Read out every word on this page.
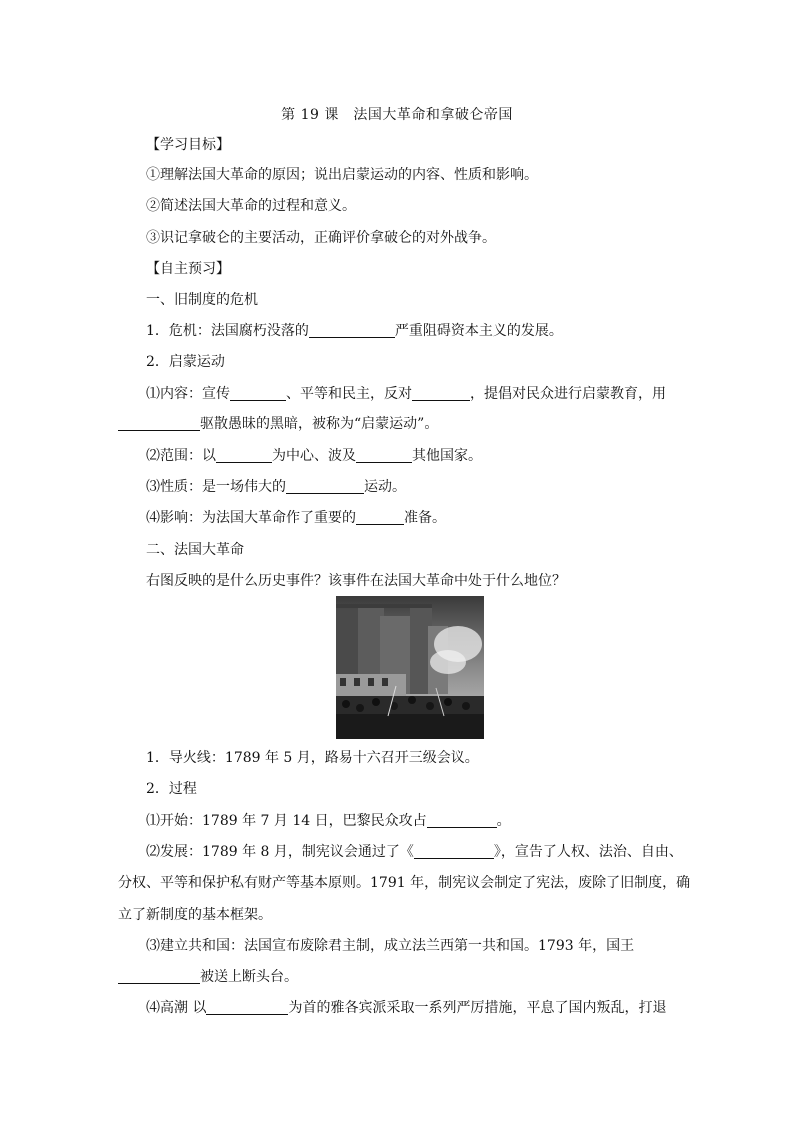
第 19 课　法国大革命和拿破仑帝国
【学习目标】
①理解法国大革命的原因；说出启蒙运动的内容、性质和影响。
②简述法国大革命的过程和意义。
③识记拿破仑的主要活动，正确评价拿破仑的对外战争。
【自主预习】
一、旧制度的危机
1．危机：法国腐朽没落的	严重阻碍资本主义的发展。
2．启蒙运动
⑴内容：宣传	、平等和民主，反对	，提倡对民众进行启蒙教育，用
驱散愚昧的黑暗，被称为“启蒙运动”。
⑵范围：以	为中心、波及	其他国家。
⑶性质：是一场伟大的	运动。
⑷影响：为法国大革命作了重要的	准备。
二、法国大革命
右图反映的是什么历史事件？该事件在法国大革命中处于什么地位？
1．导火线：1789 年 5 月，路易十六召开三级会议。
2．过程
⑴开始：1789 年 7 月 14 日，巴黎民众攻占	。
⑵发展：1789 年 8 月，制宪议会通过了《	》，宣告了人权、法治、自由、
分权、平等和保护私有财产等基本原则。1791 年，制宪议会制定了宪法，废除了旧制度，确
立了新制度的基本框架。
⑶建立共和国：法国宣布废除君主制，成立法兰西第一共和国。1793 年，国王
被送上断头台。
⑷高潮 以	为首的雅各宾派采取一系列严厉措施，平息了国内叛乱，打退
